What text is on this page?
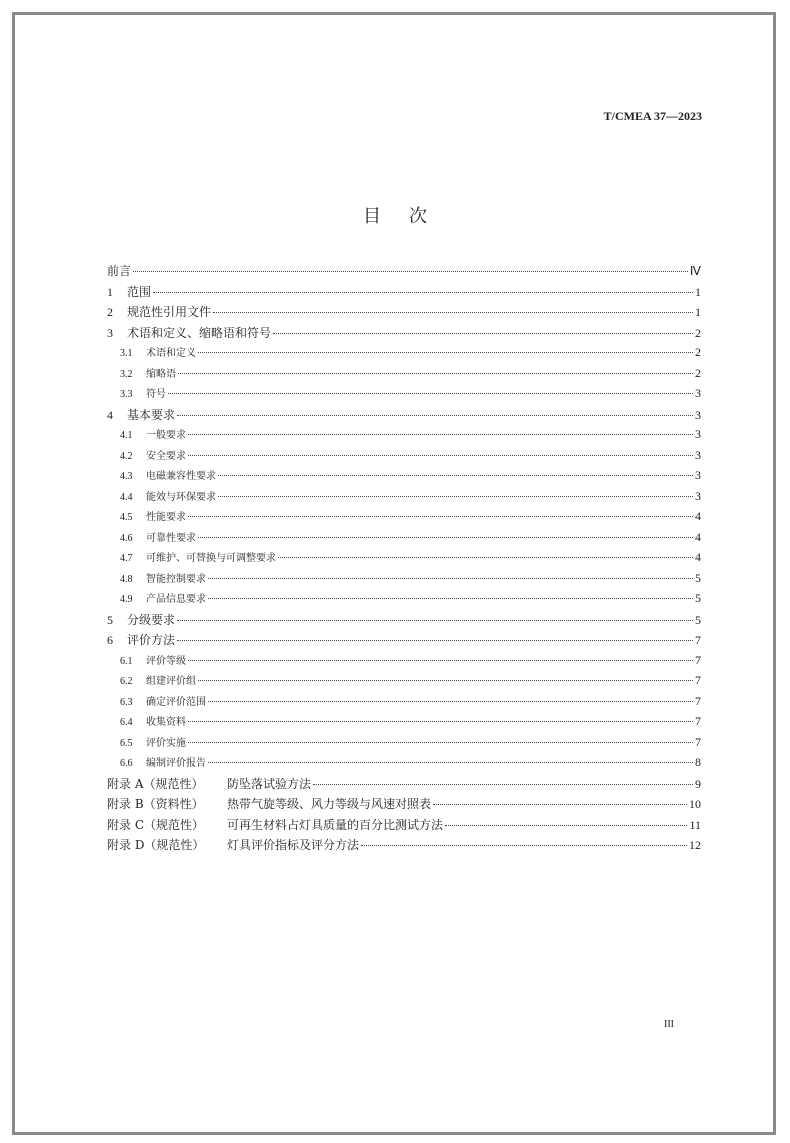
T/CMEA 37—2023
目次
前言	Ⅳ
1	范围	1
2	规范性引用文件	1
3	术语和定义、缩略语和符号	2
3.1	术语和定义	2
3.2	缩略语	2
3.3	符号	3
4	基本要求	3
4.1	一般要求	3
4.2	安全要求	3
4.3	电磁兼容性要求	3
4.4	能效与环保要求	3
4.5	性能要求	4
4.6	可靠性要求	4
4.7	可维护、可替换与可调整要求	4
4.8	智能控制要求	5
4.9	产品信息要求	5
5	分级要求	5
6	评价方法	7
6.1	评价等级	7
6.2	组建评价组	7
6.3	确定评价范围	7
6.4	收集资料	7
6.5	评价实施	7
6.6	编制评价报告	8
附录 A（规范性）	防坠落试验方法	9
附录 B（资料性）	热带气旋等级、风力等级与风速对照表	10
附录 C（规范性）	可再生材料占灯具质量的百分比测试方法	11
附录 D（规范性）	灯具评价指标及评分方法	12
III
